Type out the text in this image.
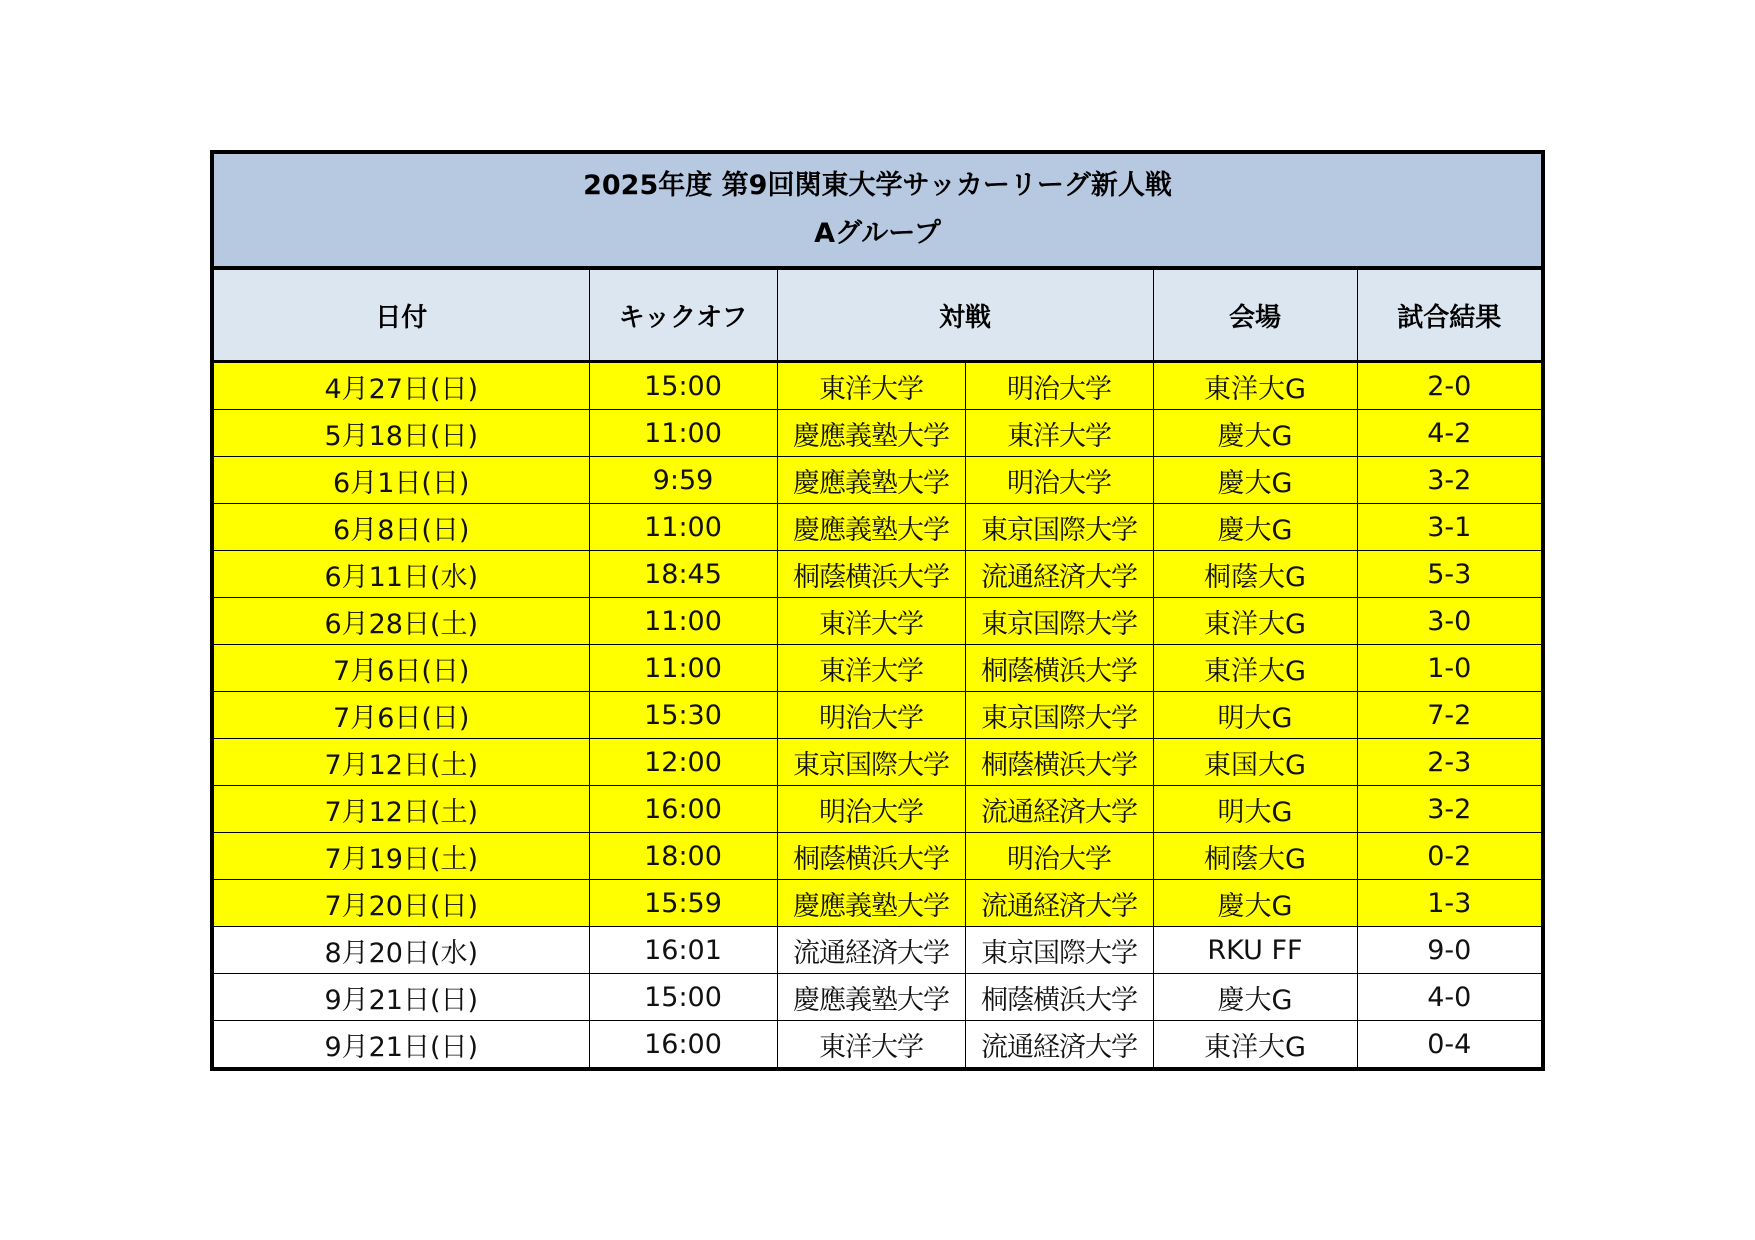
2025年度 第9回関東大学サッカーリーグ新人戦
Aグループ					

日付	キックオフ	対戦		会場	試合結果
4月27日(日)	15:00	東洋大学	明治大学	東洋大G	2-0
5月18日(日)	11:00	慶應義塾大学	東洋大学	慶大G	4-2
6月1日(日)	9:59	慶應義塾大学	明治大学	慶大G	3-2
6月8日(日)	11:00	慶應義塾大学	東京国際大学	慶大G	3-1
6月11日(水)	18:45	桐蔭横浜大学	流通経済大学	桐蔭大G	5-3
6月28日(土)	11:00	東洋大学	東京国際大学	東洋大G	3-0
7月6日(日)	11:00	東洋大学	桐蔭横浜大学	東洋大G	1-0
7月6日(日)	15:30	明治大学	東京国際大学	明大G	7-2
7月12日(土)	12:00	東京国際大学	桐蔭横浜大学	東国大G	2-3
7月12日(土)	16:00	明治大学	流通経済大学	明大G	3-2
7月19日(土)	18:00	桐蔭横浜大学	明治大学	桐蔭大G	0-2
7月20日(日)	15:59	慶應義塾大学	流通経済大学	慶大G	1-3
8月20日(水)	16:01	流通経済大学	東京国際大学	RKU FF	9-0
9月21日(日)	15:00	慶應義塾大学	桐蔭横浜大学	慶大G	4-0
9月21日(日)	16:00	東洋大学	流通経済大学	東洋大G	0-4
